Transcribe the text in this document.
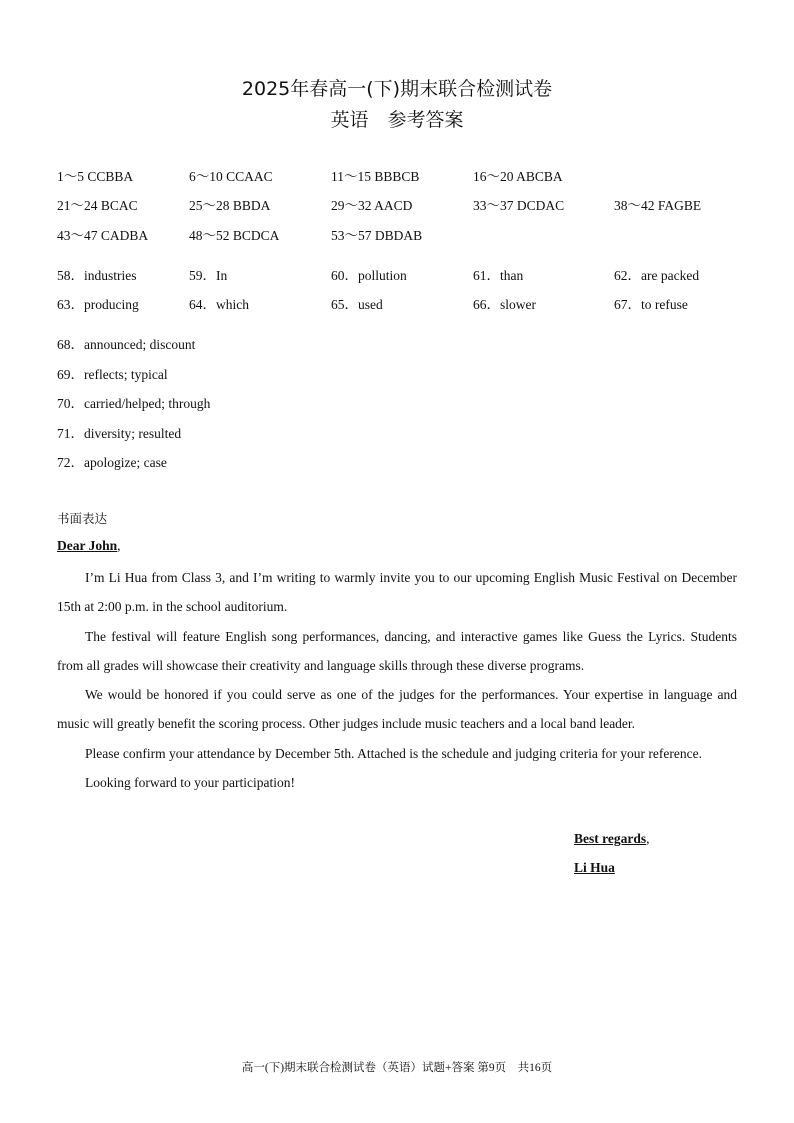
2025年春高一(下)期末联合检测试卷
英语　参考答案
1～5 CCBBA	6～10 CCAAC	11～15 BBBCB	16～20 ABCBA
21～24 BCAC	25～28 BBDA	29～32 AACD	33～37 DCDAC	38～42 FAGBE
43～47 CADBA	48～52 BCDCA	53～57 DBDAB
58．industries	59．In	60．pollution	61．than	62．are packed
63．producing	64．which	65．used	66．slower	67．to refuse
68．announced; discount
69．reflects; typical
70．carried/helped; through
71．diversity; resulted
72．apologize; case
书面表达
Dear John,

I’m Li Hua from Class 3, and I’m writing to warmly invite you to our upcoming English Music Festival on December 15th at 2:00 p.m. in the school auditorium.

The festival will feature English song performances, dancing, and interactive games like Guess the Lyrics. Students from all grades will showcase their creativity and language skills through these diverse programs.

We would be honored if you could serve as one of the judges for the performances. Your expertise in language and music will greatly benefit the scoring process. Other judges include music teachers and a local band leader.

Please confirm your attendance by December 5th. Attached is the schedule and judging criteria for your reference.

Looking forward to your participation!

Best regards,
Li Hua
高一(下)期末联合检测试卷（英语）试题+答案 第9页　共16页
